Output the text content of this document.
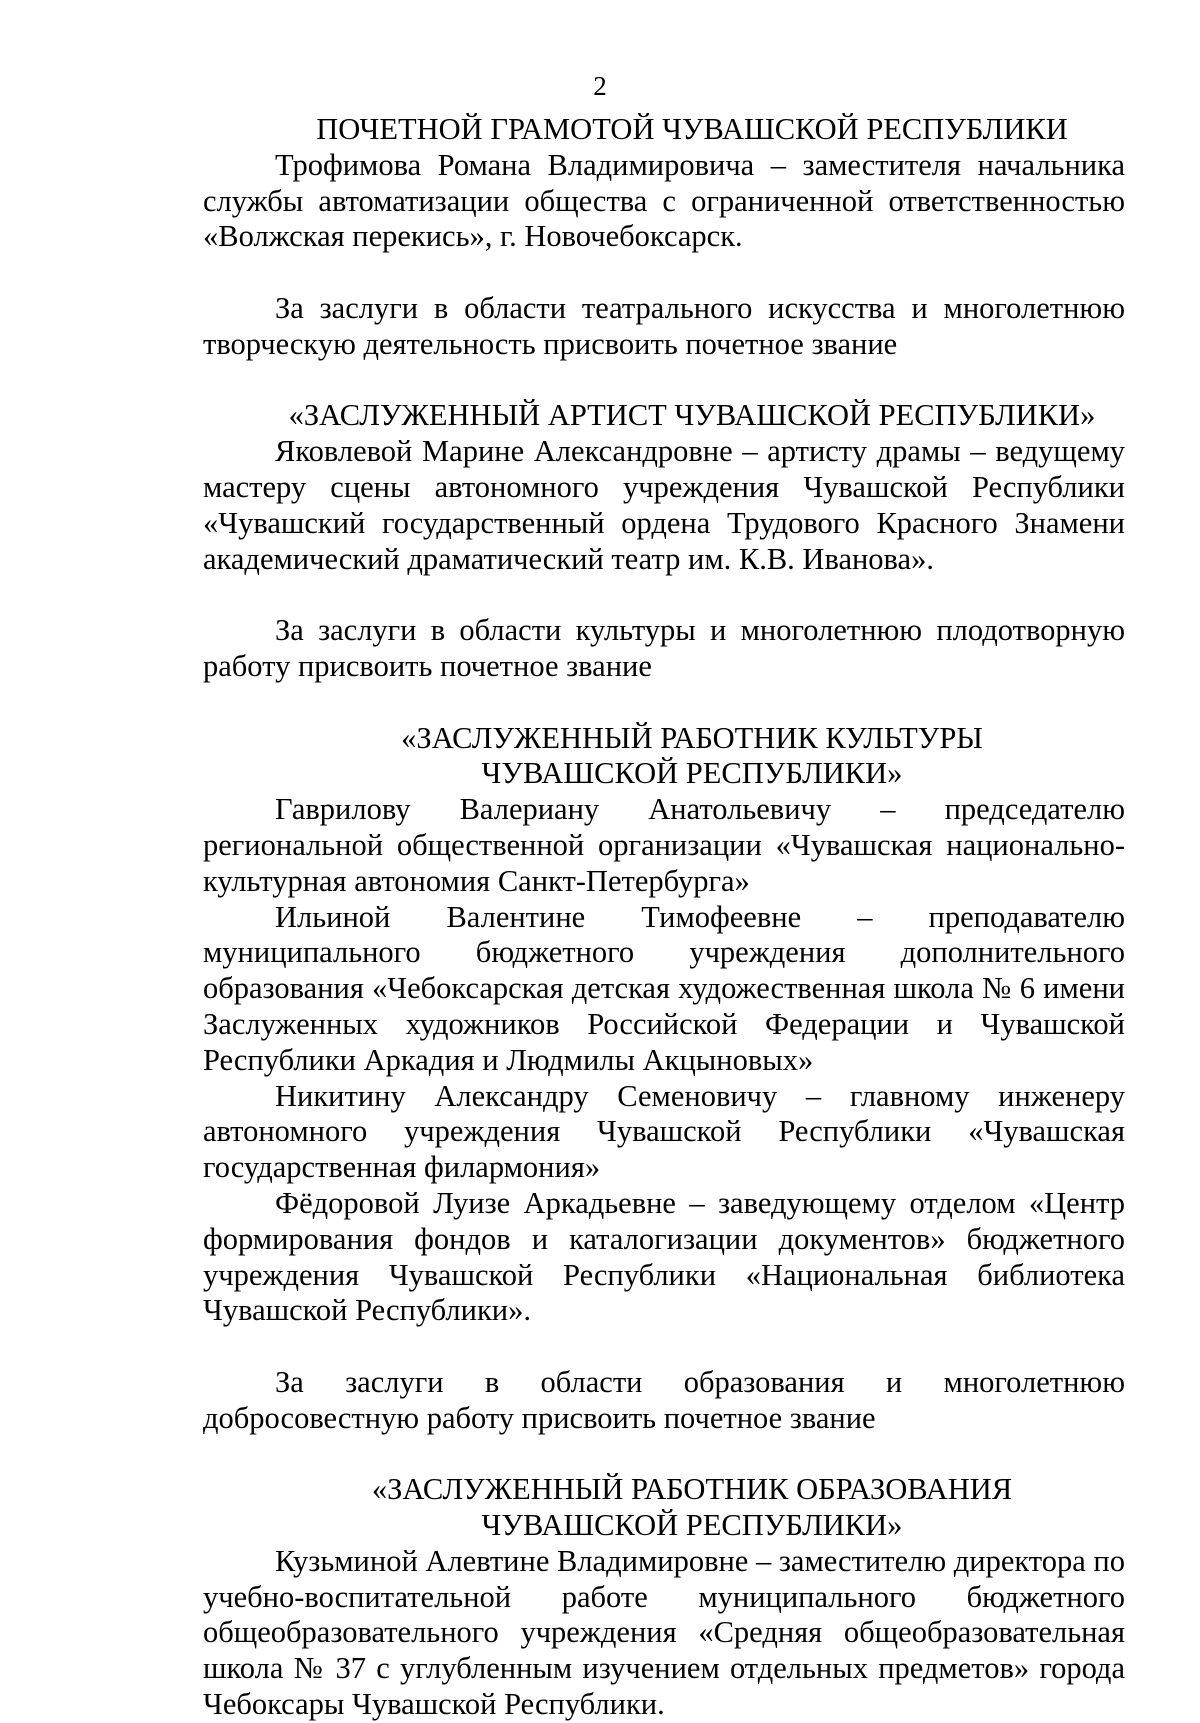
2

ПОЧЕТНОЙ ГРАМОТОЙ ЧУВАШСКОЙ РЕСПУБЛИКИ

Трофимова Романа Владимировича – заместителя начальника службы автоматизации общества с ограниченной ответственностью «Волжская перекись», г. Новочебоксарск.

За заслуги в области театрального искусства и многолетнюю творческую деятельность присвоить почетное звание

«ЗАСЛУЖЕННЫЙ АРТИСТ ЧУВАШСКОЙ РЕСПУБЛИКИ»

Яковлевой Марине Александровне – артисту драмы – ведущему мастеру сцены автономного учреждения Чувашской Республики «Чувашский государственный ордена Трудового Красного Знамени академический драматический театр им. К.В. Иванова».

За заслуги в области культуры и многолетнюю плодотворную работу присвоить почетное звание

«ЗАСЛУЖЕННЫЙ РАБОТНИК КУЛЬТУРЫ
ЧУВАШСКОЙ РЕСПУБЛИКИ»

Гаврилову Валериану Анатольевичу – председателю региональной общественной организации «Чувашская национально-культурная автономия Санкт-Петербурга»

Ильиной Валентине Тимофеевне – преподавателю муниципального бюджетного учреждения дополнительного образования «Чебоксарская детская художественная школа № 6 имени Заслуженных художников Российской Федерации и Чувашской Республики Аркадия и Людмилы Акцыновых»

Никитину Александру Семеновичу – главному инженеру автономного учреждения Чувашской Республики «Чувашская государственная филармония»

Фёдоровой Луизе Аркадьевне – заведующему отделом «Центр формирования фондов и каталогизации документов» бюджетного учреждения Чувашской Республики «Национальная библиотека Чувашской Республики».

За заслуги в области образования и многолетнюю добросовестную работу присвоить почетное звание

«ЗАСЛУЖЕННЫЙ РАБОТНИК ОБРАЗОВАНИЯ
ЧУВАШСКОЙ РЕСПУБЛИКИ»

Кузьминой Алевтине Владимировне – заместителю директора по учебно-воспитательной работе муниципального бюджетного общеобразовательного учреждения «Средняя общеобразовательная школа № 37 с углубленным изучением отдельных предметов» города Чебоксары Чувашской Республики.
